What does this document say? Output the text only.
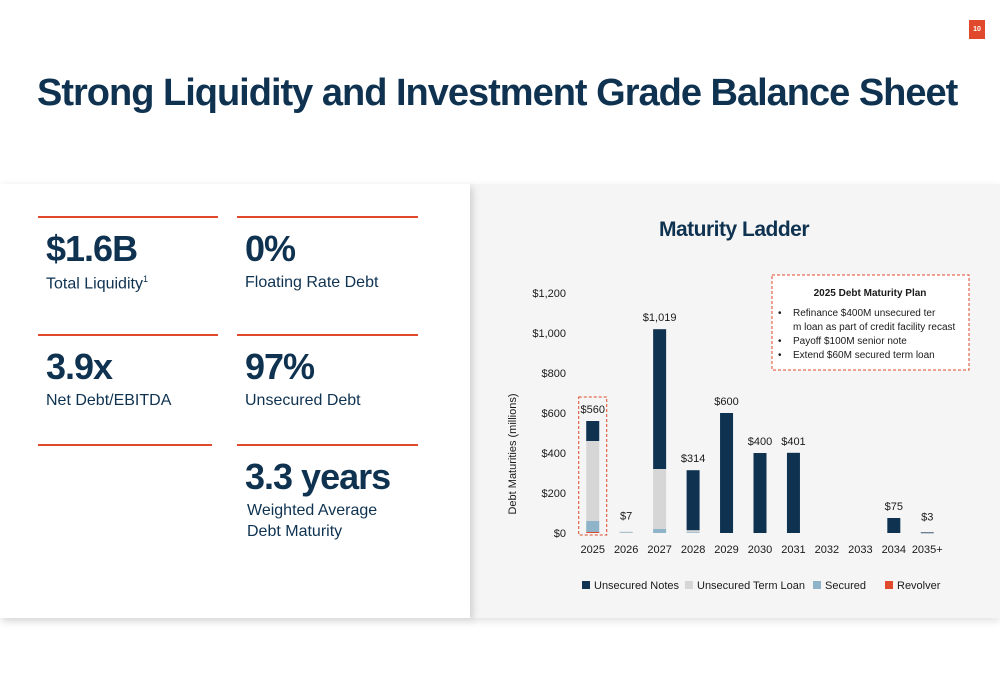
10
Strong Liquidity and Investment Grade Balance Sheet
$1.6B
Total Liquidity$^1$
0%
Floating Rate Debt
3.9x
Net Debt/EBITDA
97%
Unsecured Debt
3.3 years
Weighted Average
Debt Maturity
Maturity Ladder
Debt Maturities (millions)
$0
$200
$400
$600
$800
$1,000
$1,200
$560
$7
$1,019
$314
$600
$400 $401
$75
$3
2025 2026 2027 2028 2029 2030 2031 2032 2033 2034 2035+
2025 Debt Maturity Plan
• Refinance $400M unsecured ter
m loan as part of credit facility recast
• Payoff $100M senior note
• Extend $60M secured term loan
Unsecured Notes Unsecured Term Loan Secured	Revolver
